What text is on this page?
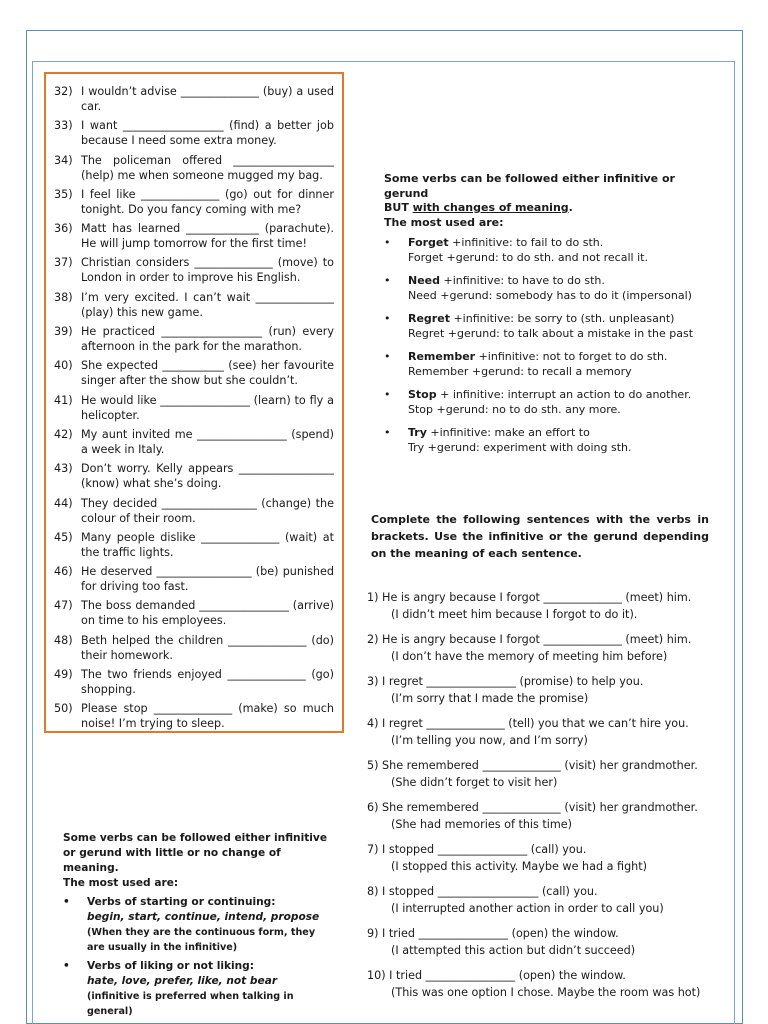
32) I wouldn’t advise ______________ (buy) a used car.
33) I want __________________ (find) a better job because I need some extra money.
34) The policeman offered __________________ (help) me when someone mugged my bag.
35) I feel like ______________ (go) out for dinner tonight. Do you fancy coming with me?
36) Matt has learned _____________ (parachute). He will jump tomorrow for the first time!
37) Christian considers ______________ (move) to London in order to improve his English.
38) I’m very excited. I can’t wait ______________ (play) this new game.
39) He practiced __________________ (run) every afternoon in the park for the marathon.
40) She expected ___________ (see) her favourite singer after the show but she couldn’t.
41) He would like ________________ (learn) to fly a helicopter.
42) My aunt invited me ________________ (spend) a week in Italy.
43) Don’t worry. Kelly appears _________________ (know) what she’s doing.
44) They decided _________________ (change) the colour of their room.
45) Many people dislike ______________ (wait) at the traffic lights.
46) He deserved _________________ (be) punished for driving too fast.
47) The boss demanded ________________ (arrive) on time to his employees.
48) Beth helped the children ______________ (do) their homework.
49) The two friends enjoyed ______________ (go) shopping.
50) Please stop ______________ (make) so much noise! I’m trying to sleep.
Some verbs can be followed either infinitive or gerund
BUT with changes of meaning.
The most used are:
• Forget +infinitive: to fail to do sth.
Forget +gerund: to do sth. and not recall it.
• Need +infinitive: to have to do sth.
Need +gerund: somebody has to do it (impersonal)
• Regret +infinitive: be sorry to (sth. unpleasant)
Regret +gerund: to talk about a mistake in the past
• Remember +infinitive: not to forget to do sth.
Remember +gerund: to recall a memory
• Stop + infinitive: interrupt an action to do another.
Stop +gerund: no to do sth. any more.
• Try +infinitive: make an effort to
Try +gerund: experiment with doing sth.
Complete the following sentences with the verbs in brackets. Use the infinitive or the gerund depending on the meaning of each sentence.
1) He is angry because I forgot ______________ (meet) him.
(I didn’t meet him because I forgot to do it).
2) He is angry because I forgot ______________ (meet) him.
(I don’t have the memory of meeting him before)
3) I regret ________________ (promise) to help you.
(I’m sorry that I made the promise)
4) I regret ______________ (tell) you that we can’t hire you.
(I’m telling you now, and I’m sorry)
5) She remembered ______________ (visit) her grandmother.
(She didn’t forget to visit her)
6) She remembered ______________ (visit) her grandmother.
(She had memories of this time)
7) I stopped ________________ (call) you.
(I stopped this activity. Maybe we had a fight)
8) I stopped __________________ (call) you.
(I interrupted another action in order to call you)
9) I tried ________________ (open) the window.
(I attempted this action but didn’t succeed)
10) I tried ________________ (open) the window.
(This was one option I chose. Maybe the room was hot)
Some verbs can be followed either infinitive
or gerund with little or no change of meaning.
The most used are:
• Verbs of starting or continuing:
begin, start, continue, intend, propose
(When they are the continuous form, they are usually in the infinitive)
• Verbs of liking or not liking:
hate, love, prefer, like, not bear
(infinitive is preferred when talking in general)
